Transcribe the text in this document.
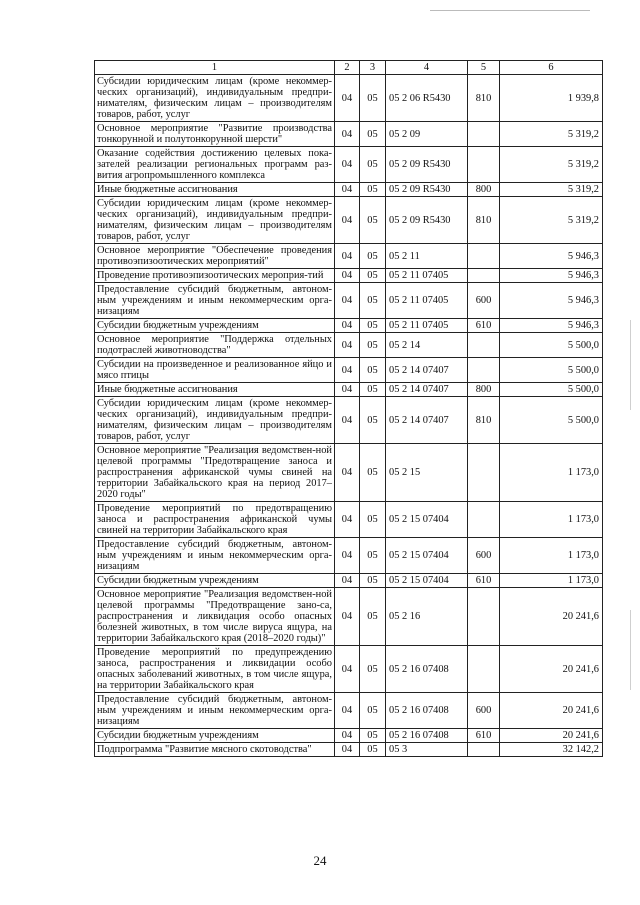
1	2	3	4	5	6
Субсидии юридическим лицам (кроме некоммер-ческих организаций), индивидуальным предпри-нимателям, физическим лицам – производителям товаров, работ, услуг	04	05	05 2 06 R5430	810	1 939,8
Основное мероприятие "Развитие производства тонкорунной и полутонкорунной шерсти"	04	05	05 2 09		5 319,2
Оказание содействия достижению целевых пока-зателей реализации региональных программ раз-вития агропромышленного комплекса	04	05	05 2 09 R5430		5 319,2
Иные бюджетные ассигнования	04	05	05 2 09 R5430	800	5 319,2
Субсидии юридическим лицам (кроме некоммер-ческих организаций), индивидуальным предпри-нимателям, физическим лицам – производителям товаров, работ, услуг	04	05	05 2 09 R5430	810	5 319,2
Основное мероприятие "Обеспечение проведения противоэпизоотических мероприятий"	04	05	05 2 11		5 946,3
Проведение противоэпизоотических мероприя-тий	04	05	05 2 11 07405		5 946,3
Предоставление субсидий бюджетным, автоном-ным учреждениям и иным некоммерческим орга-низациям	04	05	05 2 11 07405	600	5 946,3
Субсидии бюджетным учреждениям	04	05	05 2 11 07405	610	5 946,3
Основное мероприятие "Поддержка отдельных подотраслей животноводства"	04	05	05 2 14		5 500,0
Субсидии на произведенное и реализованное яйцо и мясо птицы	04	05	05 2 14 07407		5 500,0
Иные бюджетные ассигнования	04	05	05 2 14 07407	800	5 500,0
Субсидии юридическим лицам (кроме некоммер-ческих организаций), индивидуальным предпри-нимателям, физическим лицам – производителям товаров, работ, услуг	04	05	05 2 14 07407	810	5 500,0
Основное мероприятие "Реализация ведомствен-ной целевой программы "Предотвращение заноса и распространения африканской чумы свиней на территории Забайкальского края на период 2017–2020 годы"	04	05	05 2 15		1 173,0
Проведение мероприятий по предотвращению заноса и распространения африканской чумы свиней на территории Забайкальского края	04	05	05 2 15 07404		1 173,0
Предоставление субсидий бюджетным, автоном-ным учреждениям и иным некоммерческим орга-низациям	04	05	05 2 15 07404	600	1 173,0
Субсидии бюджетным учреждениям	04	05	05 2 15 07404	610	1 173,0
Основное мероприятие "Реализация ведомствен-ной целевой программы "Предотвращение зано-са, распространения и ликвидация особо опасных болезней животных, в том числе вируса ящура, на территории Забайкальского края (2018–2020 годы)"	04	05	05 2 16		20 241,6
Проведение мероприятий по предупреждению заноса, распространения и ликвидации особо опасных заболеваний животных, в том числе ящура, на территории Забайкальского края	04	05	05 2 16 07408		20 241,6
Предоставление субсидий бюджетным, автоном-ным учреждениям и иным некоммерческим орга-низациям	04	05	05 2 16 07408	600	20 241,6
Субсидии бюджетным учреждениям	04	05	05 2 16 07408	610	20 241,6
Подпрограмма "Развитие мясного скотоводства"	04	05	05 3		32 142,2
24
